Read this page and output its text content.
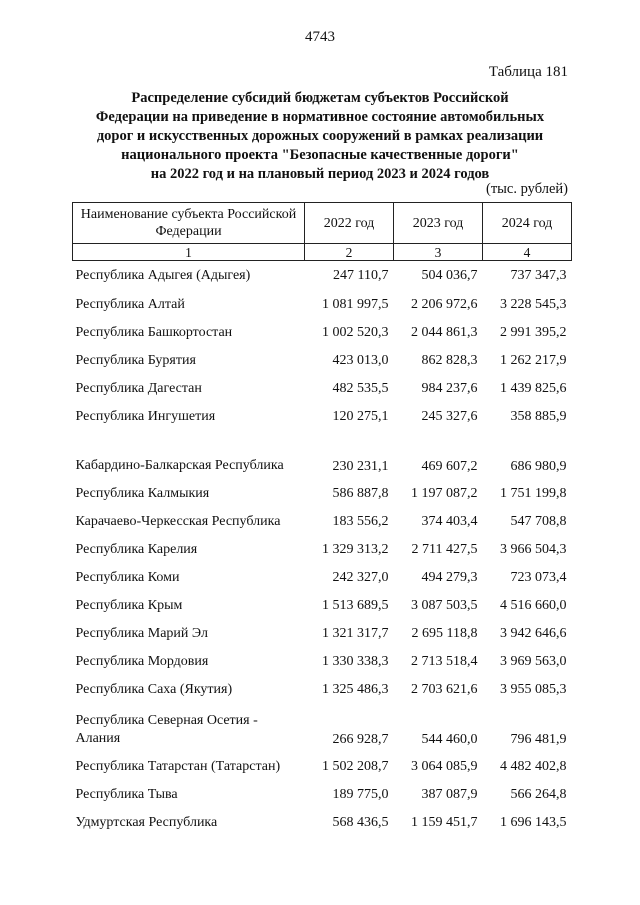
4743
Таблица 181
Распределение субсидий бюджетам субъектов Российской
Федерации на приведение в нормативное состояние автомобильных
дорог и искусственных дорожных сооружений в рамках реализации
национального проекта "Безопасные качественные дороги"
на 2022 год и на плановый период 2023 и 2024 годов
(тыс. рублей)
Наименование субъекта Российской Федерации	2022 год	2023 год	2024 год
1	2	3	4
Республика Адыгея (Адыгея)	247 110,7	504 036,7	737 347,3
Республика Алтай	1 081 997,5	2 206 972,6	3 228 545,3
Республика Башкортостан	1 002 520,3	2 044 861,3	2 991 395,2
Республика Бурятия	423 013,0	862 828,3	1 262 217,9
Республика Дагестан	482 535,5	984 237,6	1 439 825,6
Республика Ингушетия	120 275,1	245 327,6	358 885,9
Кабардино-Балкарская Республика	230 231,1	469 607,2	686 980,9
Республика Калмыкия	586 887,8	1 197 087,2	1 751 199,8
Карачаево-Черкесская Республика	183 556,2	374 403,4	547 708,8
Республика Карелия	1 329 313,2	2 711 427,5	3 966 504,3
Республика Коми	242 327,0	494 279,3	723 073,4
Республика Крым	1 513 689,5	3 087 503,5	4 516 660,0
Республика Марий Эл	1 321 317,7	2 695 118,8	3 942 646,6
Республика Мордовия	1 330 338,3	2 713 518,4	3 969 563,0
Республика Саха (Якутия)	1 325 486,3	2 703 621,6	3 955 085,3
Республика Северная Осетия - Алания	266 928,7	544 460,0	796 481,9
Республика Татарстан (Татарстан)	1 502 208,7	3 064 085,9	4 482 402,8
Республика Тыва	189 775,0	387 087,9	566 264,8
Удмуртская Республика	568 436,5	1 159 451,7	1 696 143,5
